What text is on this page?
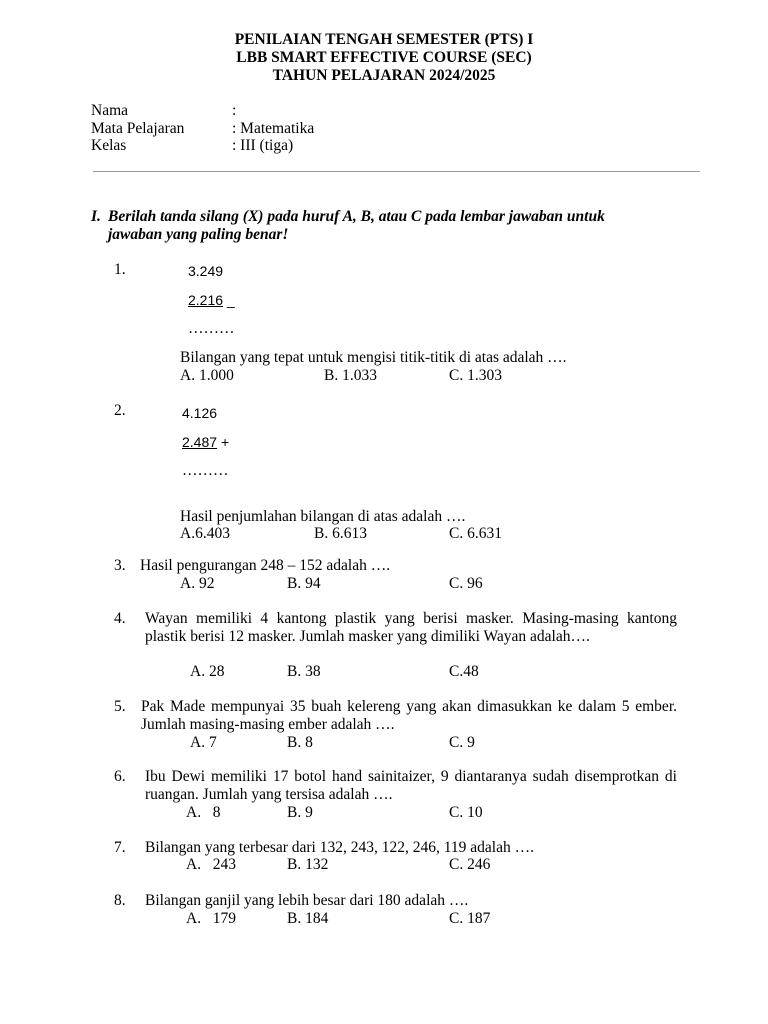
PENILAIAN TENGAH SEMESTER (PTS) I
LBB SMART EFFECTIVE COURSE (SEC)
TAHUN PELAJARAN 2024/2025
Nama	:
Mata Pelajaran	: Matematika
Kelas	: III (tiga)
I. Berilah tanda silang (X) pada huruf A, B, atau C pada lembar jawaban untuk
jawaban yang paling benar!
1.	3.249
2.216 _
………
Bilangan yang tepat untuk mengisi titik-titik di atas adalah ….
A. 1.000	B. 1.033	C. 1.303
2.	4.126
2.487 +
………
Hasil penjumlahan bilangan di atas adalah ….
A.6.403	B. 6.613	C. 6.631
3. Hasil pengurangan 248 – 152 adalah ….
A. 92	B. 94	C. 96
4. Wayan memiliki 4 kantong plastik yang berisi masker. Masing-masing kantong plastik berisi 12 masker. Jumlah masker yang dimiliki Wayan adalah….
A. 28	B. 38	C.48
5. Pak Made mempunyai 35 buah kelereng yang akan dimasukkan ke dalam 5 ember. Jumlah masing-masing ember adalah ….
A. 7	B. 8	C. 9
6. Ibu Dewi memiliki 17 botol hand sainitaizer, 9 diantaranya sudah disemprotkan di ruangan. Jumlah yang tersisa adalah ….
A.   8	B. 9	C. 10
7. Bilangan yang terbesar dari 132, 243, 122, 246, 119 adalah ….
A.   243	B. 132	C. 246
8. Bilangan ganjil yang lebih besar dari 180 adalah ….
A.   179	B. 184	C. 187
